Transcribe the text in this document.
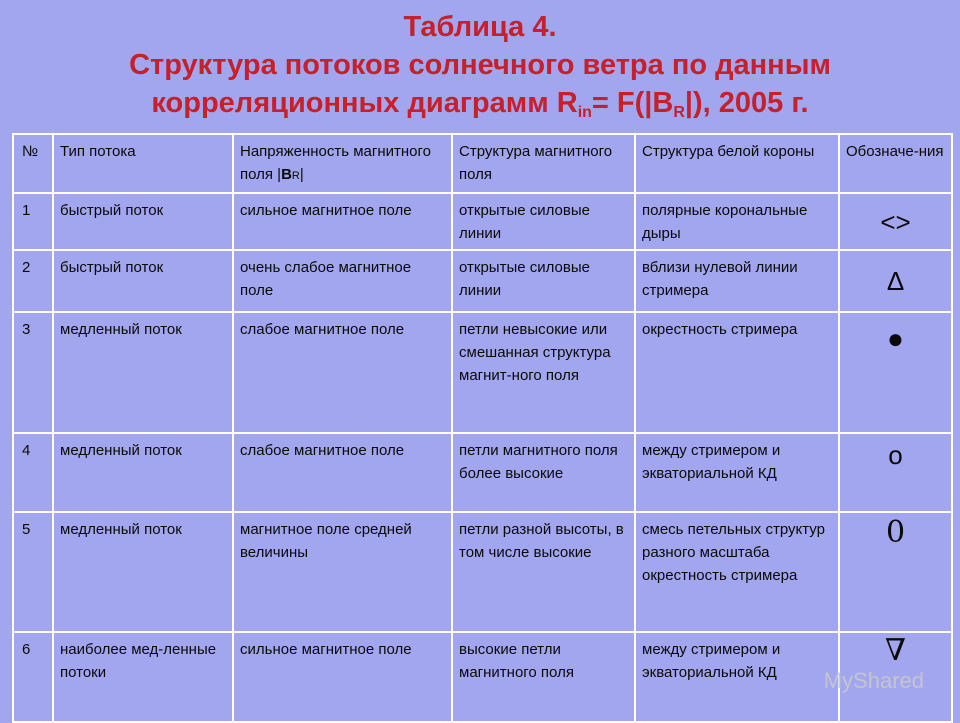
Таблица 4.
Структура потоков солнечного ветра по данным
корреляционных диаграмм $R_{in}= F(|B_R|)$, 2005 г.
№	Тип потока	Напряженность магнитного поля |BR|	Структура магнитного поля	Структура белой короны	Обозначе-ния
1	быстрый поток	сильное магнитное поле	открытые силовые линии	полярные корональные дыры	<>
2	быстрый поток	очень слабое магнитное поле	открытые силовые линии	вблизи нулевой линии стримера	Δ
3	медленный поток	слабое магнитное поле	петли невысокие или смешанная структура магнит-ного поля	окрестность стримера	●
4	медленный поток	слабое магнитное поле	петли магнитного поля более высокие	между стримером и экваториальной КД	о
5	медленный поток	магнитное поле средней величины	петли разной высоты, в том числе высокие	смесь петельных структур разного масштаба окрестность стримера	0
6	наиболее мед-ленные потоки	сильное магнитное поле	высокие петли магнитного поля	между стримером и экваториальной КД	∇
MyShared
